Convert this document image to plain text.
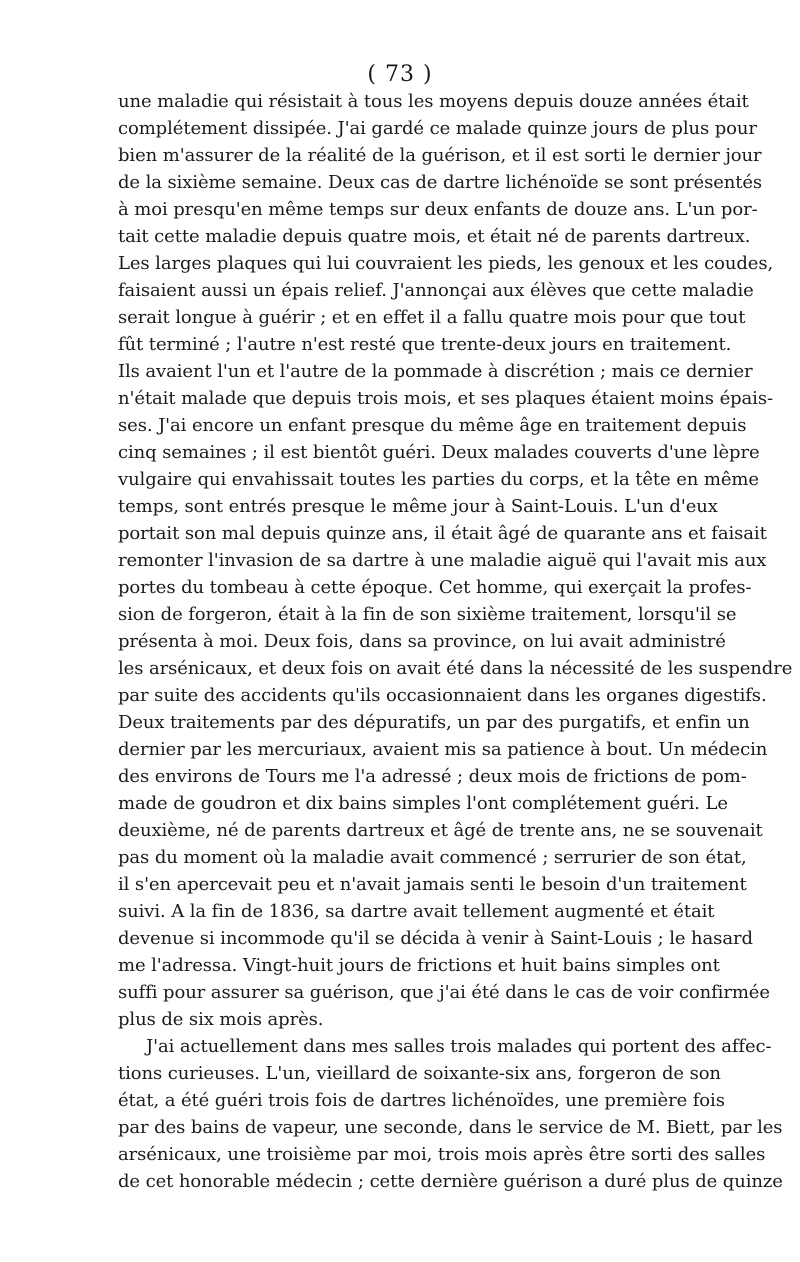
( 73 )

une maladie qui résistait à tous les moyens depuis douze années était

complétement dissipée. J'ai gardé ce malade quinze jours de plus pour

bien m'assurer de la réalité de la guérison, et il est sorti le dernier jour

de la sixième semaine. Deux cas de dartre lichénoïde se sont présentés

à moi presqu'en même temps sur deux enfants de douze ans. L'un por-

tait cette maladie depuis quatre mois, et était né de parents dartreux.

Les larges plaques qui lui couvraient les pieds, les genoux et les coudes,

faisaient aussi un épais relief. J'annonçai aux élèves que cette maladie

serait longue à guérir ; et en effet il a fallu quatre mois pour que tout

fût terminé ; l'autre n'est resté que trente-deux jours en traitement.

Ils avaient l'un et l'autre de la pommade à discrétion ; mais ce dernier

n'était malade que depuis trois mois, et ses plaques étaient moins épais-

ses. J'ai encore un enfant presque du même âge en traitement depuis

cinq semaines ; il est bientôt guéri. Deux malades couverts d'une lèpre

vulgaire qui envahissait toutes les parties du corps, et la tête en même

temps, sont entrés presque le même jour à Saint-Louis. L'un d'eux

portait son mal depuis quinze ans, il était âgé de quarante ans et faisait

remonter l'invasion de sa dartre à une maladie aiguë qui l'avait mis aux

portes du tombeau à cette époque. Cet homme, qui exerçait la profes-

sion de forgeron, était à la fin de son sixième traitement, lorsqu'il se

présenta à moi. Deux fois, dans sa province, on lui avait administré

les arsénicaux, et deux fois on avait été dans la nécessité de les suspendre

par suite des accidents qu'ils occasionnaient dans les organes digestifs.

Deux traitements par des dépuratifs, un par des purgatifs, et enfin un

dernier par les mercuriaux, avaient mis sa patience à bout. Un médecin

des environs de Tours me l'a adressé ; deux mois de frictions de pom-

made de goudron et dix bains simples l'ont complétement guéri. Le

deuxième, né de parents dartreux et âgé de trente ans, ne se souvenait

pas du moment où la maladie avait commencé ; serrurier de son état,

il s'en apercevait peu et n'avait jamais senti le besoin d'un traitement

suivi. A la fin de 1836, sa dartre avait tellement augmenté et était

devenue si incommode qu'il se décida à venir à Saint-Louis ; le hasard

me l'adressa. Vingt-huit jours de frictions et huit bains simples ont

suffi pour assurer sa guérison, que j'ai été dans le cas de voir confirmée

plus de six mois après.

J'ai actuellement dans mes salles trois malades qui portent des affec-

tions curieuses. L'un, vieillard de soixante-six ans, forgeron de son

état, a été guéri trois fois de dartres lichénoïdes, une première fois

par des bains de vapeur, une seconde, dans le service de M. Biett, par les

arsénicaux, une troisième par moi, trois mois après être sorti des salles

de cet honorable médecin ; cette dernière guérison a duré plus de quinze
